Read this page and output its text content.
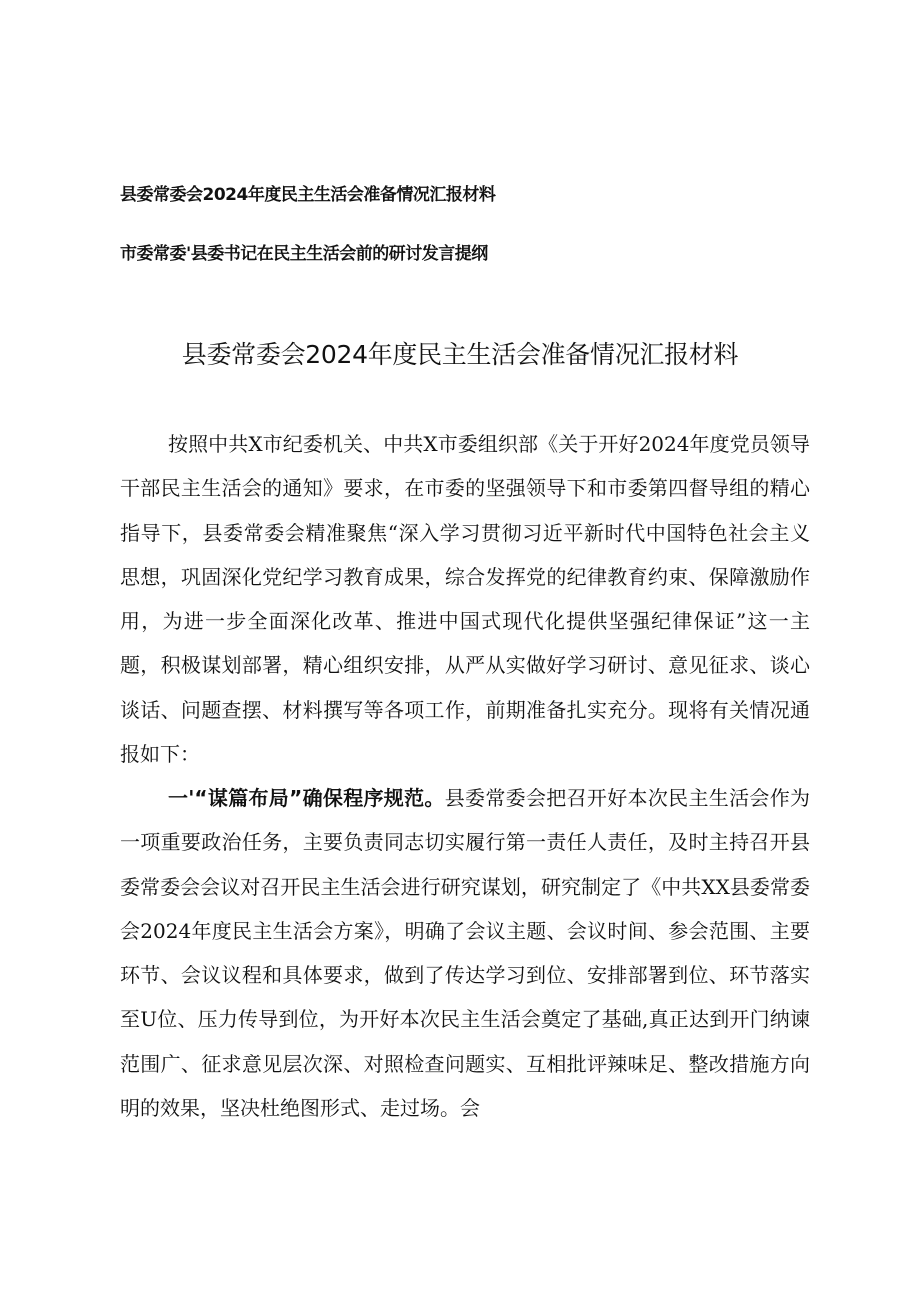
县委常委会2024年度民主生活会准备情况汇报材料
市委常委'县委书记在民主生活会前的研讨发言提纲
县委常委会2024年度民主生活会准备情况汇报材料

按照中共X市纪委机关、中共X市委组织部《关于开好2024年度党员领导干部民主生活会的通知》要求，在市委的坚强领导下和市委第四督导组的精心指导下，县委常委会精准聚焦“深入学习贯彻习近平新时代中国特色社会主义思想，巩固深化党纪学习教育成果，综合发挥党的纪律教育约束、保障激励作用，为进一步全面深化改革、推进中国式现代化提供坚强纪律保证”这一主题，积极谋划部署，精心组织安排，从严从实做好学习研讨、意见征求、谈心谈话、问题查摆、材料撰写等各项工作，前期准备扎实充分。现将有关情况通报如下：

一'“谋篇布局”确保程序规范。县委常委会把召开好本次民主生活会作为一项重要政治任务，主要负责同志切实履行第一责任人责任，及时主持召开县委常委会会议对召开民主生活会进行研究谋划，研究制定了《中共XX县委常委会2024年度民主生活会方案》，明确了会议主题、会议时间、参会范围、主要环节、会议议程和具体要求，做到了传达学习到位、安排部署到位、环节落实至U位、压力传导到位，为开好本次民主生活会奠定了基础,真正达到开门纳谏范围广、征求意见层次深、对照检查问题实、互相批评辣味足、整改措施方向明的效果，坚决杜绝图形式、走过场。会
